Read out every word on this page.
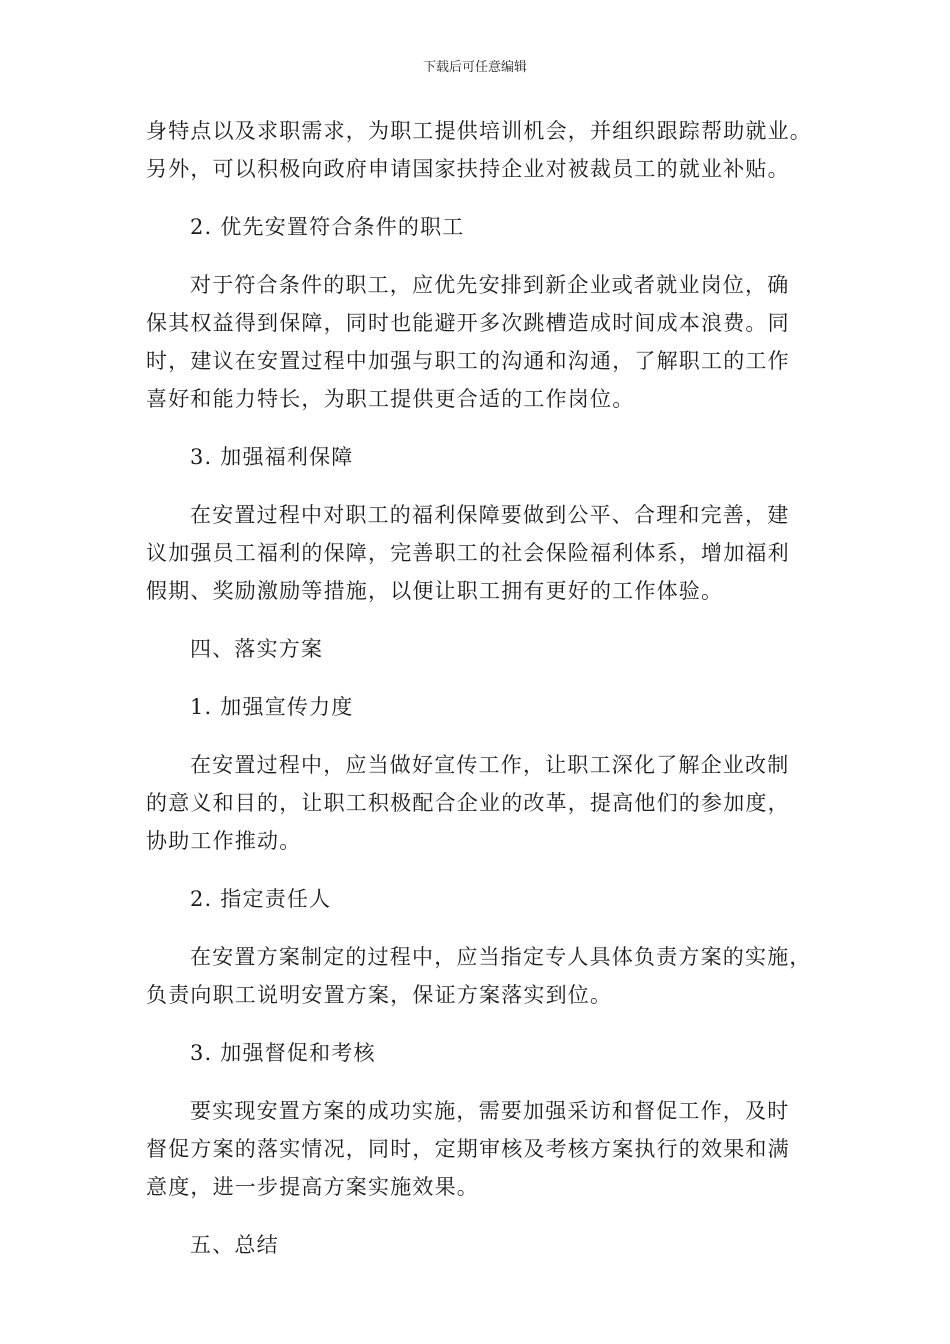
下载后可任意编辑

身特点以及求职需求，为职工提供培训机会，并组织跟踪帮助就业。
另外，可以积极向政府申请国家扶持企业对被裁员工的就业补贴。

2. 优先安置符合条件的职工

对于符合条件的职工，应优先安排到新企业或者就业岗位，确
保其权益得到保障，同时也能避开多次跳槽造成时间成本浪费。同
时，建议在安置过程中加强与职工的沟通和沟通，了解职工的工作
喜好和能力特长，为职工提供更合适的工作岗位。

3. 加强福利保障

在安置过程中对职工的福利保障要做到公平、合理和完善，建
议加强员工福利的保障，完善职工的社会保险福利体系，增加福利
假期、奖励激励等措施，以便让职工拥有更好的工作体验。

四、落实方案

1. 加强宣传力度

在安置过程中，应当做好宣传工作，让职工深化了解企业改制
的意义和目的，让职工积极配合企业的改革，提高他们的参加度，
协助工作推动。

2. 指定责任人

在安置方案制定的过程中，应当指定专人具体负责方案的实施，
负责向职工说明安置方案，保证方案落实到位。

3. 加强督促和考核

要实现安置方案的成功实施，需要加强采访和督促工作，及时
督促方案的落实情况，同时，定期审核及考核方案执行的效果和满
意度，进一步提高方案实施效果。

五、总结
